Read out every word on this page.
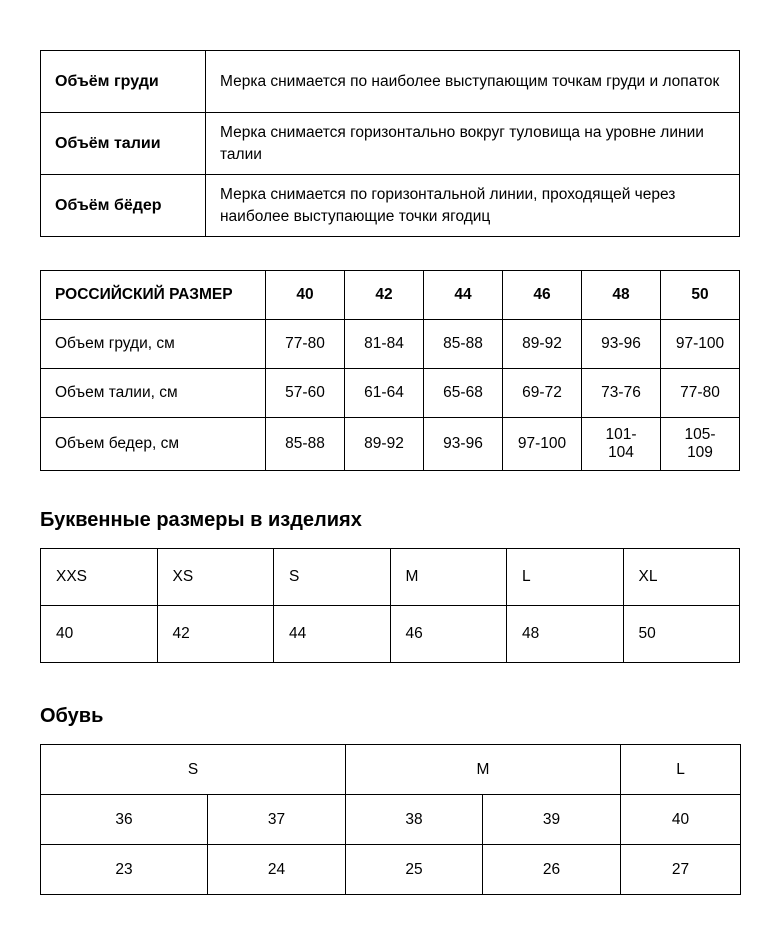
Объём груди	Мерка снимается по наиболее выступающим точкам груди и лопаток
Объём талии	Мерка снимается горизонтально вокруг туловища на уровне линии талии
Объём бёдер	Мерка снимается по горизонтальной линии, проходящей через наиболее выступающие точки ягодиц
РОССИЙСКИЙ РАЗМЕР	40	42	44	46	48	50
Объем груди, см	77-80	81-84	85-88	89-92	93-96	97-100
Объем талии, см	57-60	61-64	65-68	69-72	73-76	77-80
Объем бедер, см	85-88	89-92	93-96	97-100	101-104	105-109
Буквенные размеры в изделиях
XXS	XS	S	M	L	XL
40	42	44	46	48	50
Обувь
S		M		L
36	37	38	39	40
23	24	25	26	27
